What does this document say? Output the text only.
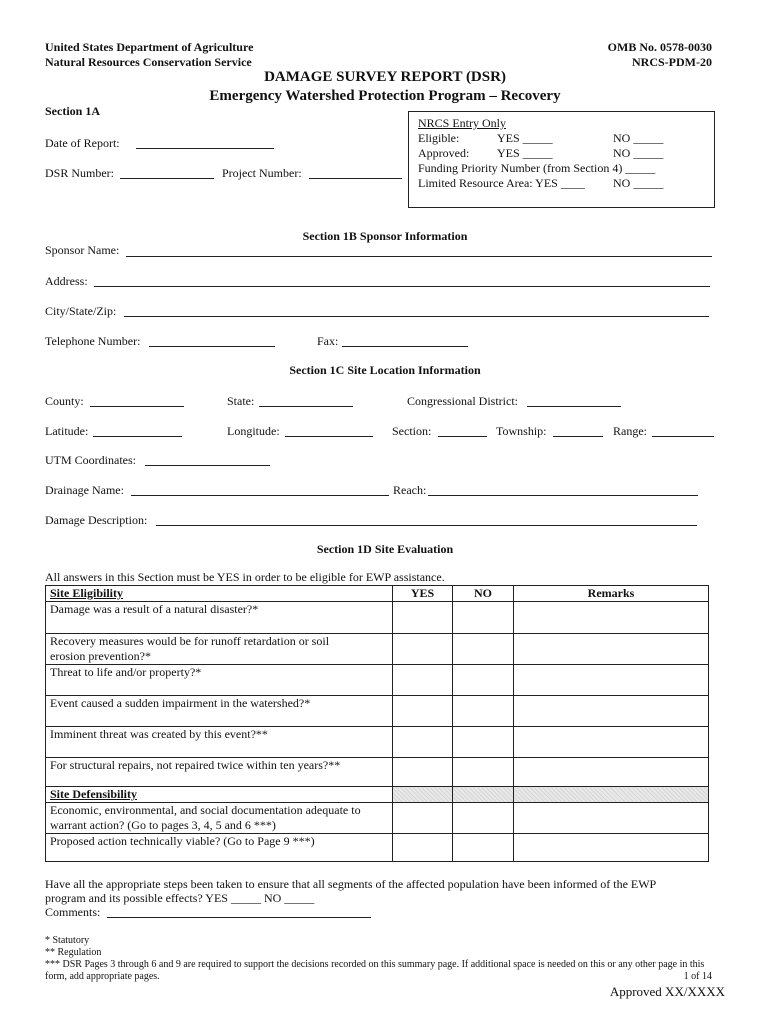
United States Department of Agriculture
Natural Resources Conservation Service
OMB No. 0578-0030
NRCS-PDM-20
DAMAGE SURVEY REPORT (DSR)
Emergency Watershed Protection Program – Recovery
Section 1A
Date of Report:
DSR Number:	Project Number:
NRCS Entry Only
Eligible:	YES _____	NO _____
Approved: YES _____	NO _____
Funding Priority Number (from Section 4) _____
Limited Resource Area: YES ____ NO _____
Section 1B Sponsor Information
Sponsor Name:
Address:
City/State/Zip:
Telephone Number:	Fax:
Section 1C Site Location Information
County:	State:	Congressional District:
Latitude:	Longitude:	Section:	Township:	Range:
UTM Coordinates:
Drainage Name:	Reach:
Damage Description:
Section 1D Site Evaluation
All answers in this Section must be YES in order to be eligible for EWP assistance.
Site Eligibility	YES	NO	Remarks
Damage was a result of a natural disaster?*			

Recovery measures would be for runoff retardation or soil
erosion prevention?*			

Threat to life and/or property?*			
Event caused a sudden impairment in the watershed?*			
Imminent threat was created by this event?**			
For structural repairs, not repaired twice within ten years?**			
Site Defensibility			

Economic, environmental, and social documentation adequate to
warrant action? (Go to pages 3, 4, 5 and 6 ***)			

Proposed action technically viable? (Go to Page 9 ***)			
Have all the appropriate steps been taken to ensure that all segments of the affected population have been informed of the EWP
program and its possible effects? YES _____ NO _____
Comments:
* Statutory
** Regulation
*** DSR Pages 3 through 6 and 9 are required to support the decisions recorded on this summary page. If additional space is needed on this or any other page in this
form, add appropriate pages.	1 of 14
Approved XX/XXXX
